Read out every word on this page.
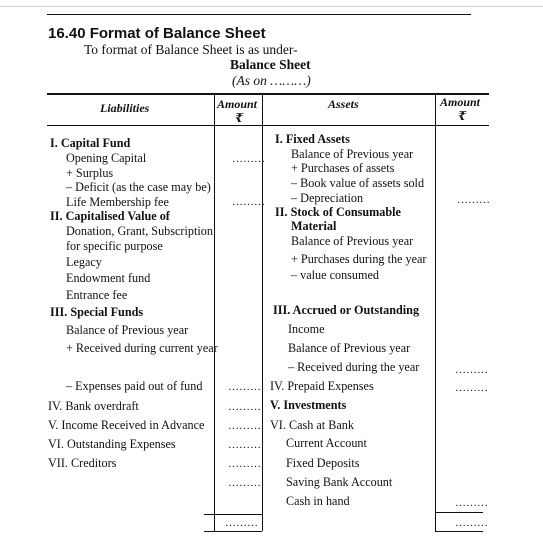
16.40 Format of Balance Sheet
To format of Balance Sheet is as under-
Balance Sheet
(As on ………)
Liabilities	Amount
₹
Assets	Amount
₹
I. Capital Fund
Opening Capital
+ Surplus
– Deficit (as the case may be)
Life Membership fee
II. Capitalised Value of
Donation, Grant, Subscription
for specific purpose
Legacy
Endowment fund
Entrance fee
III. Special Funds
Balance of Previous year
+ Received during current year
– Expenses paid out of fund
IV. Bank overdraft
V. Income Received in Advance
VI. Outstanding Expenses
VII. Creditors
………
………
………
………
………
………
………
………
………
I. Fixed Assets
Balance of Previous year
+ Purchases of assets
– Book value of assets sold
– Depreciation
II. Stock of Consumable
Material
Balance of Previous year
+ Purchases during the year
– value consumed
III. Accrued or Outstanding
Income
Balance of Previous year
– Received during the year
IV. Prepaid Expenses
V. Investments
VI. Cash at Bank
Current Account
Fixed Deposits
Saving Bank Account
Cash in hand
………
………
………
………
………
